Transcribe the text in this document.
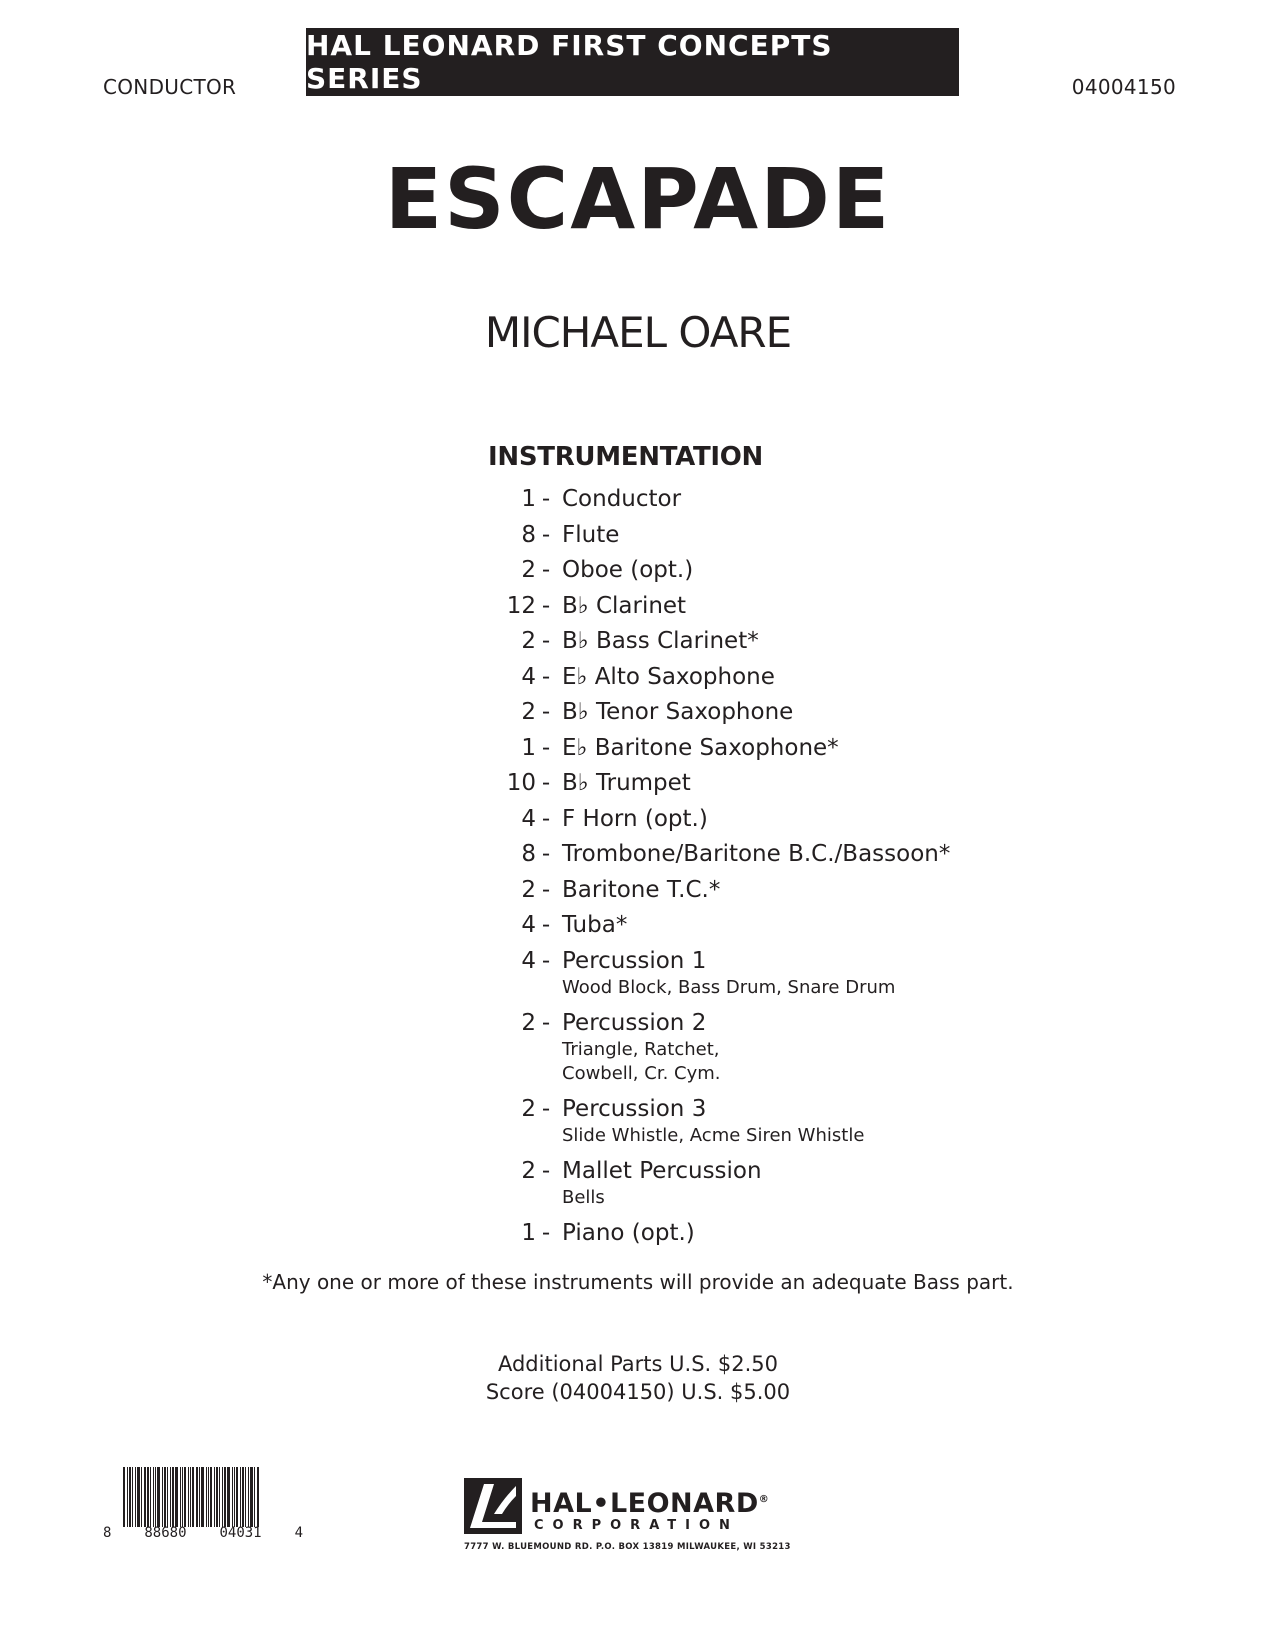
CONDUCTOR
HAL LEONARD FIRST CONCEPTS SERIES	04004150
ESCAPADE
MICHAEL OARE
INSTRUMENTATION
1 - Conductor
8 - Flute
2 - Oboe (opt.)
12 - B♭ Clarinet
2 - B♭ Bass Clarinet*
4 - E♭ Alto Saxophone
2 - B♭ Tenor Saxophone
1 - E♭ Baritone Saxophone*
10 - B♭ Trumpet
4 - F Horn (opt.)
8 - Trombone/Baritone B.C./Bassoon*
2 - Baritone T.C.*
4 - Tuba*
4 - Percussion 1
Wood Block, Bass Drum, Snare Drum
2 - Percussion 2
Triangle, Ratchet,
Cowbell, Cr. Cym.
2 - Percussion 3
Slide Whistle, Acme Siren Whistle
2 - Mallet Percussion
Bells
1 - Piano (opt.)
*Any one or more of these instruments will provide an adequate Bass part.
Additional Parts U.S. $2.50
Score (04004150) U.S. $5.00
8 88680 04031 4
HAL•LEONARD®
CORPORATION
7777 W. BLUEMOUND RD. P.O. BOX 13819 MILWAUKEE, WI 53213
